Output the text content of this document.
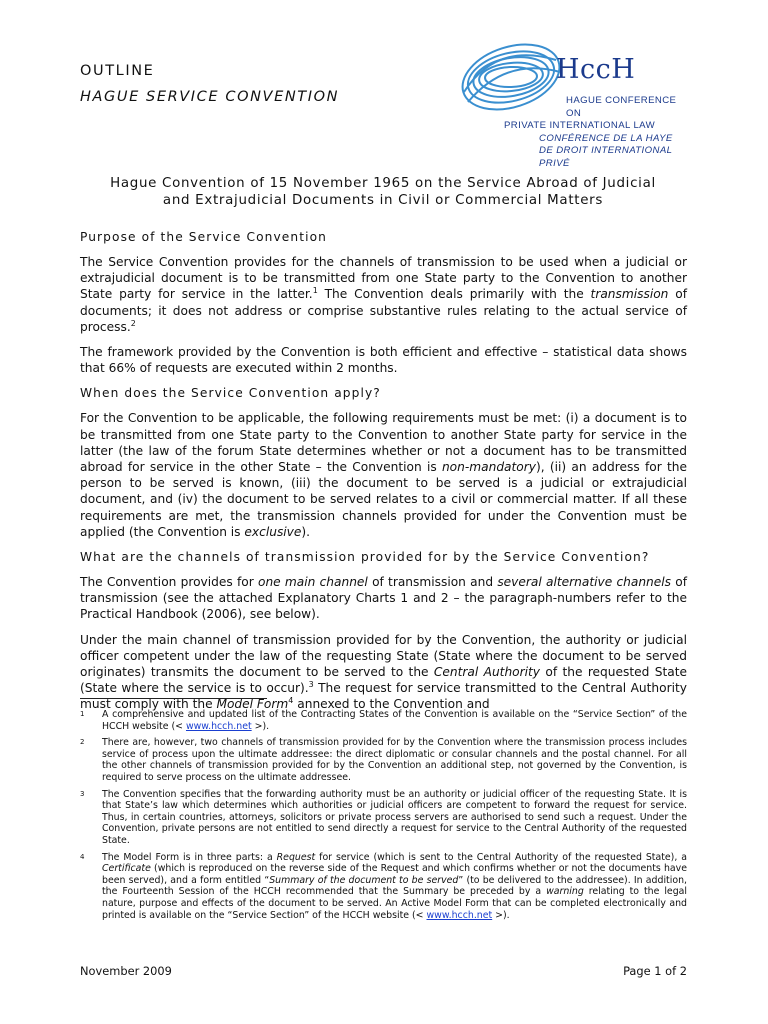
OUTLINE
HAGUE SERVICE CONVENTION
HccH
HAGUE CONFERENCE ON
PRIVATE INTERNATIONAL LAW
CONFÉRENCE DE LA HAYE
DE DROIT INTERNATIONAL PRIVÉ
Hague Convention of 15 November 1965 on the Service Abroad of Judicial
and Extrajudicial Documents in Civil or Commercial Matters
Purpose of the Service Convention

The Service Convention provides for the channels of transmission to be used when a judicial or extrajudicial document is to be transmitted from one State party to the Convention to another State party for service in the latter.$^1$ The Convention deals primarily with the transmission of documents; it does not address or comprise substantive rules relating to the actual service of process.$^2$

The framework provided by the Convention is both efficient and effective – statistical data shows that 66% of requests are executed within 2 months.

When does the Service Convention apply?

For the Convention to be applicable, the following requirements must be met: (i) a document is to be transmitted from one State party to the Convention to another State party for service in the latter (the law of the forum State determines whether or not a document has to be transmitted abroad for service in the other State – the Convention is non-mandatory), (ii) an address for the person to be served is known, (iii) the document to be served is a judicial or extrajudicial document, and (iv) the document to be served relates to a civil or commercial matter. If all these requirements are met, the transmission channels provided for under the Convention must be applied (the Convention is exclusive).

What are the channels of transmission provided for by the Service Convention?

The Convention provides for one main channel of transmission and several alternative channels of transmission (see the attached Explanatory Charts 1 and 2 – the paragraph-numbers refer to the Practical Handbook (2006), see below).

Under the main channel of transmission provided for by the Convention, the authority or judicial officer competent under the law of the requesting State (State where the document to be served originates) transmits the document to be served to the Central Authority of the requested State (State where the service is to occur).$^3$ The request for service transmitted to the Central Authority must comply with the Model Form$^4$ annexed to the Convention and

1	A comprehensive and updated list of the Contracting States of the Convention is available on the “Service Section” of the HCCH website (< www.hcch.net >).
2	There are, however, two channels of transmission provided for by the Convention where the transmission process includes service of process upon the ultimate addressee: the direct diplomatic or consular channels and the postal channel. For all the other channels of transmission provided for by the Convention an additional step, not governed by the Convention, is required to serve process on the ultimate addressee.
3	The Convention specifies that the forwarding authority must be an authority or judicial officer of the requesting State. It is that State’s law which determines which authorities or judicial officers are competent to forward the request for service. Thus, in certain countries, attorneys, solicitors or private process servers are authorised to send such a request. Under the Convention, private persons are not entitled to send directly a request for service to the Central Authority of the requested State.
4	The Model Form is in three parts: a Request for service (which is sent to the Central Authority of the requested State), a Certificate (which is reproduced on the reverse side of the Request and which confirms whether or not the documents have been served), and a form entitled “Summary of the document to be served” (to be delivered to the addressee). In addition, the Fourteenth Session of the HCCH recommended that the Summary be preceded by a warning relating to the legal nature, purpose and effects of the document to be served. An Active Model Form that can be completed electronically and printed is available on the “Service Section” of the HCCH website (< www.hcch.net >).
November 2009	Page 1 of 2
